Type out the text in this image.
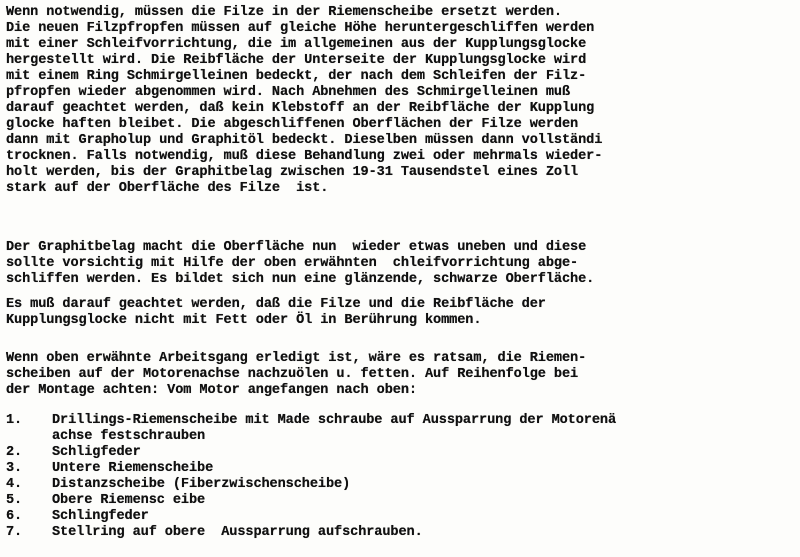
Wenn notwendig, müssen die Filze in der Riemenscheibe ersetzt werden.
Die neuen Filzpfropfen müssen auf gleiche Höhe heruntergeschliffen werden
mit einer Schleifvorrichtung, die im allgemeinen aus der Kupplungsglocke
hergestellt wird. Die Reibfläche der Unterseite der Kupplungsglocke wird
mit einem Ring Schmirgelleinen bedeckt, der nach dem Schleifen der Filz-
pfropfen wieder abgenommen wird. Nach Abnehmen des Schmirgelleinen muß
darauf geachtet werden, daß kein Klebstoff an der Reibfläche der Kupplung
glocke haften bleibet. Die abgeschliffenen Oberflächen der Filze werden
dann mit Grapholup und Graphitöl bedeckt. Dieselben müssen dann vollständi
trocknen. Falls notwendig, muß diese Behandlung zwei oder mehrmals wieder-
holt werden, bis der Graphitbelag zwischen 19-31 Tausendstel eines Zoll
stark auf der Oberfläche des Filze  ist.
Der Graphitbelag macht die Oberfläche nun  wieder etwas uneben und diese
sollte vorsichtig mit Hilfe der oben erwähnten  chleifvorrichtung abge-
schliffen werden. Es bildet sich nun eine glänzende, schwarze Oberfläche.
Es muß darauf geachtet werden, daß die Filze und die Reibfläche der
Kupplungsglocke nicht mit Fett oder Öl in Berührung kommen.
Wenn oben erwähnte Arbeitsgang erledigt ist, wäre es ratsam, die Riemen-
scheiben auf der Motorenachse nachzuölen u. fetten. Auf Reihenfolge bei
der Montage achten: Vom Motor angefangen nach oben:
1. Drillings-Riemenscheibe mit Made schraube auf Aussparrung der Motorenä
achse festschrauben
2. Schligfeder
3. Untere Riemenscheibe
4. Distanzscheibe (Fiberzwischenscheibe)
5. Obere Riemensc eibe
6. Schlingfeder
7. Stellring auf obere  Aussparrung aufschrauben.
